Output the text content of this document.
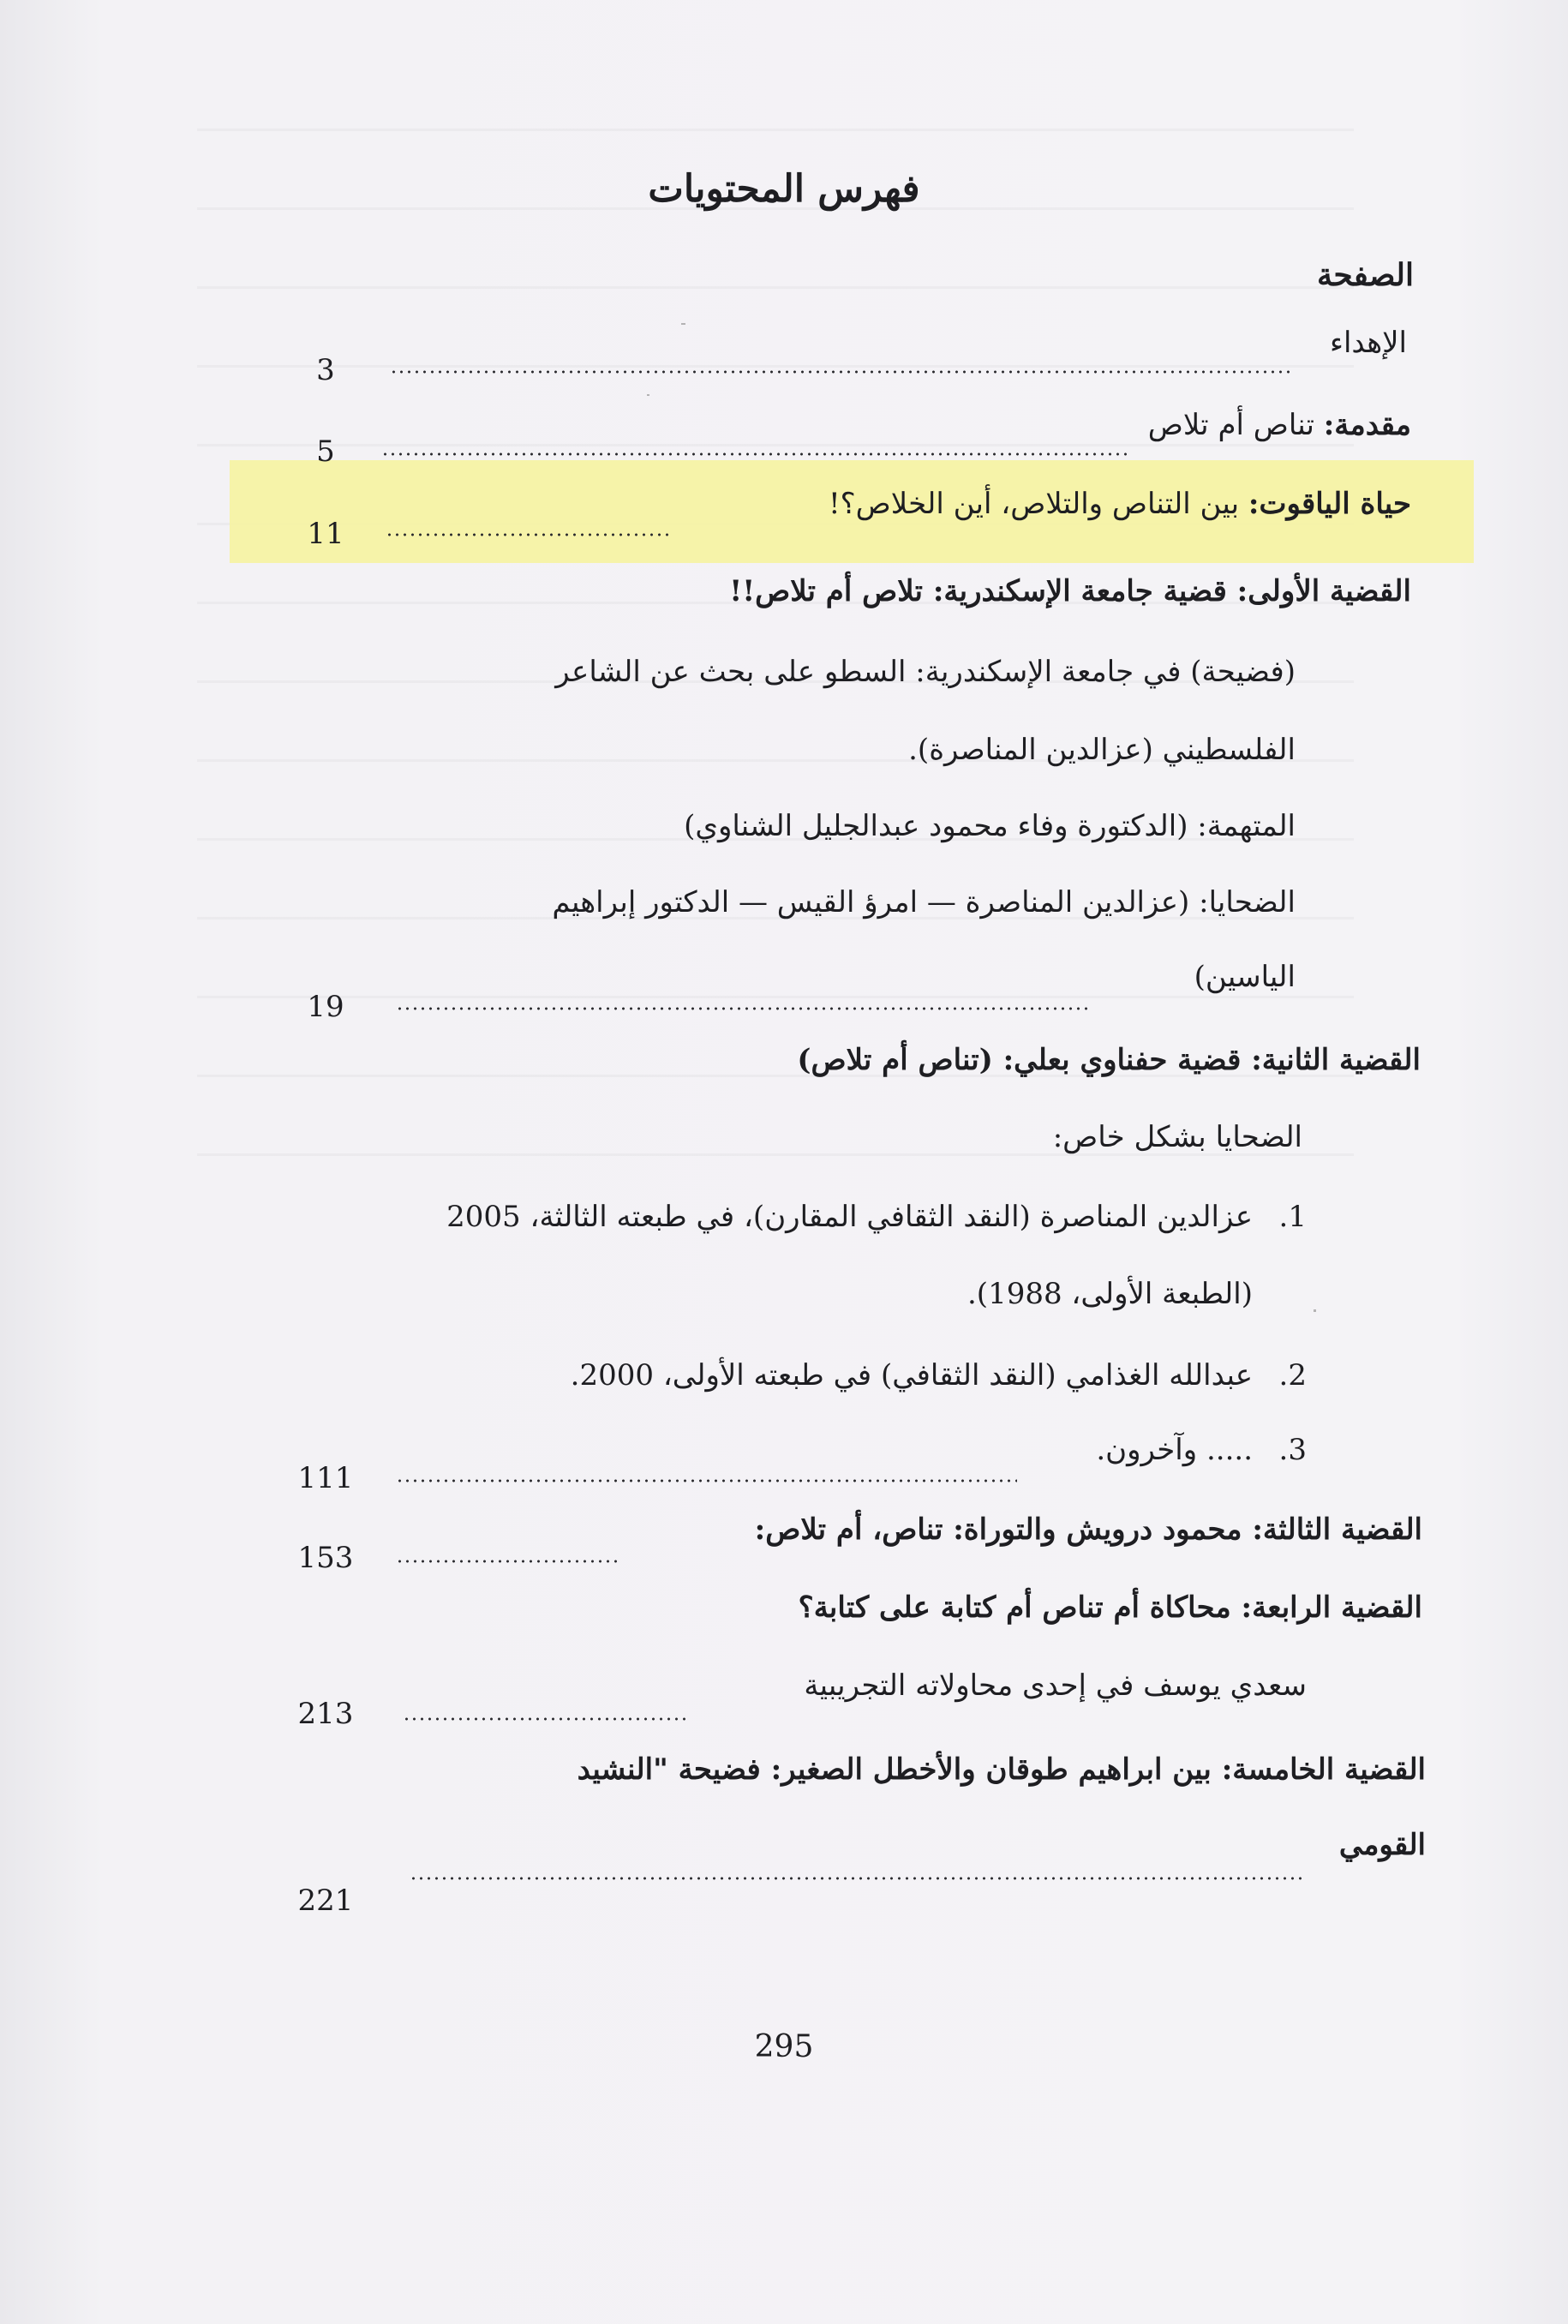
فهرس المحتويات
الصفحة
الإهداء
3
مقدمة: تناص أم تلاص
5
حياة الياقوت: بين التناص والتلاص، أين الخلاص؟!
11
القضية الأولى: قضية جامعة الإسكندرية: تلاص أم تلاص!!
(فضيحة) في جامعة الإسكندرية: السطو على بحث عن الشاعر
الفلسطيني (عزالدين المناصرة).
المتهمة: (الدكتورة وفاء محمود عبدالجليل الشناوي)
الضحايا: (عزالدين المناصرة — امرؤ القيس — الدكتور إبراهيم
الياسين)
19
القضية الثانية: قضية حفناوي بعلي: (تناص أم تلاص)
الضحايا بشكل خاص:
1.
عزالدين المناصرة (النقد الثقافي المقارن)، في طبعته الثالثة، 2005
(الطبعة الأولى، 1988).
2.
عبدالله الغذامي (النقد الثقافي) في طبعته الأولى، 2000.
3.
..... وآخرون.
111
القضية الثالثة: محمود درويش والتوراة: تناص، أم تلاص:
153
القضية الرابعة: محاكاة أم تناص أم كتابة على كتابة؟
سعدي يوسف في إحدى محاولاته التجريبية
213
القضية الخامسة: بين ابراهيم طوقان والأخطل الصغير: فضيحة "النشيد
القومي
221
295
